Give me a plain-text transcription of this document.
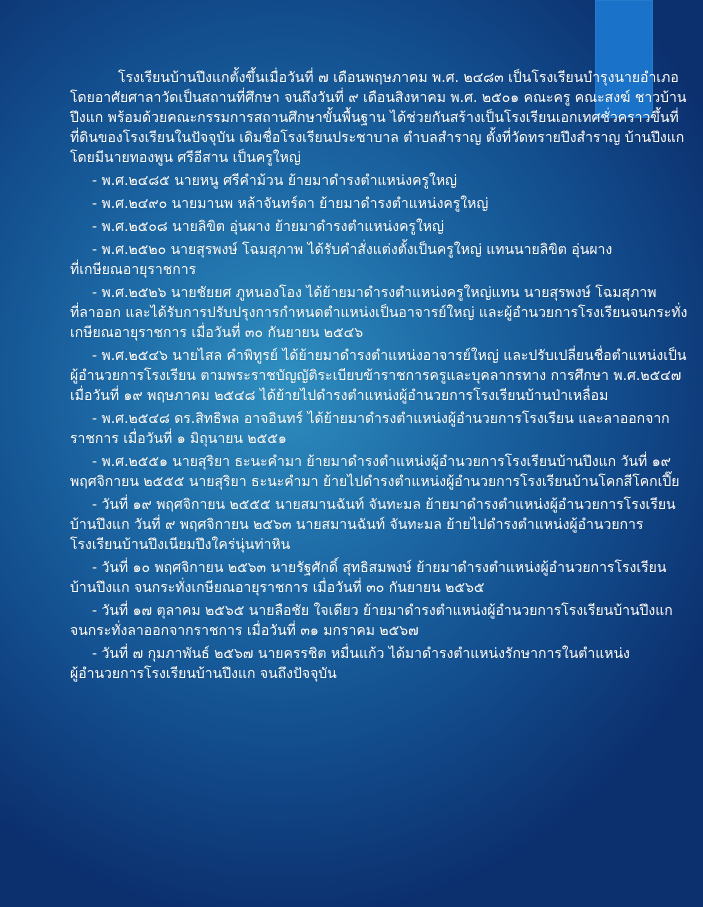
โรงเรียนบ้านปึงแกตั้งขึ้นเมื่อวันที่ ๗ เดือนพฤษภาคม พ.ศ. ๒๔๘๓ เป็นโรงเรียนบำรุงนายอำเภอ

โดยอาศัยศาลาวัดเป็นสถานที่ศึกษา จนถึงวันที่ ๙ เดือนสิงหาคม พ.ศ. ๒๕๐๑ คณะครู คณะสงฆ์ ชาวบ้าน

ปึงแก พร้อมด้วยคณะกรรมการสถานศึกษาขั้นพื้นฐาน ได้ช่วยกันสร้างเป็นโรงเรียนเอกเทศชั่วคราวขึ้นที่

ที่ดินของโรงเรียนในปัจจุบัน เดิมชื่อโรงเรียนประชาบาล ตำบลสำราญ ตั้งที่วัดทรายปึงสำราญ บ้านปึงแก

โดยมีนายทองพูน ศรีอีสาน เป็นครูใหญ่

- พ.ศ.๒๔๘๕ นายหนู ศรีคำม้วน ย้ายมาดำรงตำแหน่งครูใหญ่

- พ.ศ.๒๔๙๐ นายมานพ หล้าจันทร์ดา ย้ายมาดำรงตำแหน่งครูใหญ่

- พ.ศ.๒๕๐๘ นายลิขิต อุ่นผาง ย้ายมาดำรงตำแหน่งครูใหญ่

- พ.ศ.๒๕๒๐ นายสุรพงษ์ โฉมสุภาพ ได้รับคำสั่งแต่งตั้งเป็นครูใหญ่ แทนนายลิขิต อุ่นผาง

ที่เกษียณอายุราชการ

- พ.ศ.๒๕๒๖ นายชัยยศ ภูหนองโอง ได้ย้ายมาดำรงตำแหน่งครูใหญ่แทน นายสุรพงษ์ โฉมสุภาพ

ที่ลาออก และได้รับการปรับปรุงการกำหนดตำแหน่งเป็นอาจารย์ใหญ่ และผู้อำนวยการโรงเรียนจนกระทั่ง

เกษียณอายุราชการ เมื่อวันที่ ๓๐ กันยายน ๒๕๔๖

- พ.ศ.๒๕๔๖ นายไสล คำพิทูรย์ ได้ย้ายมาดำรงตำแหน่งอาจารย์ใหญ่ และปรับเปลี่ยนชื่อตำแหน่งเป็น

ผู้อำนวยการโรงเรียน ตามพระราชบัญญัติระเบียบข้าราชการครูและบุคลากรทาง การศึกษา พ.ศ.๒๕๔๗

เมื่อวันที่ ๑๙ พฤษภาคม ๒๕๔๘ ได้ย้ายไปดำรงตำแหน่งผู้อำนวยการโรงเรียนบ้านป่าเหลื่อม

- พ.ศ.๒๕๔๘ ดร.สิทธิพล อาจอินทร์ ได้ย้ายมาดำรงตำแหน่งผู้อำนวยการโรงเรียน และลาออกจาก

ราชการ เมื่อวันที่ ๑ มิถุนายน ๒๕๕๑

- พ.ศ.๒๕๕๑ นายสุริยา ธะนะคำมา ย้ายมาดำรงตำแหน่งผู้อำนวยการโรงเรียนบ้านปึงแก วันที่ ๑๙

พฤศจิกายน ๒๕๕๕ นายสุริยา ธะนะคำมา ย้ายไปดำรงตำแหน่งผู้อำนวยการโรงเรียนบ้านโคกสีโคกเปี๊ย

- วันที่ ๑๙ พฤศจิกายน ๒๕๕๕ นายสมานฉันท์ จันทะมล ย้ายมาดำรงตำแหน่งผู้อำนวยการโรงเรียน

บ้านปึงแก วันที่ ๙ พฤศจิกายน ๒๕๖๓ นายสมานฉันท์ จันทะมล ย้ายไปดำรงตำแหน่งผู้อำนวยการ

โรงเรียนบ้านปึงเนียมปึงใคร่นุ่นท่าหิน

- วันที่ ๑๐ พฤศจิกายน ๒๕๖๓ นายรัฐศักดิ์ สุทธิสมพงษ์ ย้ายมาดำรงตำแหน่งผู้อำนวยการโรงเรียน

บ้านปึงแก จนกระทั่งเกษียณอายุราชการ เมื่อวันที่ ๓๐ กันยายน ๒๕๖๕

- วันที่ ๑๗ ตุลาคม ๒๕๖๕ นายลือชัย ใจเดียว ย้ายมาดำรงตำแหน่งผู้อำนวยการโรงเรียนบ้านปึงแก

จนกระทั่งลาออกจากราชการ เมื่อวันที่ ๓๑ มกราคม ๒๕๖๗

- วันที่ ๗ กุมภาพันธ์ ๒๕๖๗ นายครรชิต หมื่นแก้ว ได้มาดำรงตำแหน่งรักษาการในตำแหน่ง

ผู้อำนวยการโรงเรียนบ้านปึงแก จนถึงปัจจุบัน
